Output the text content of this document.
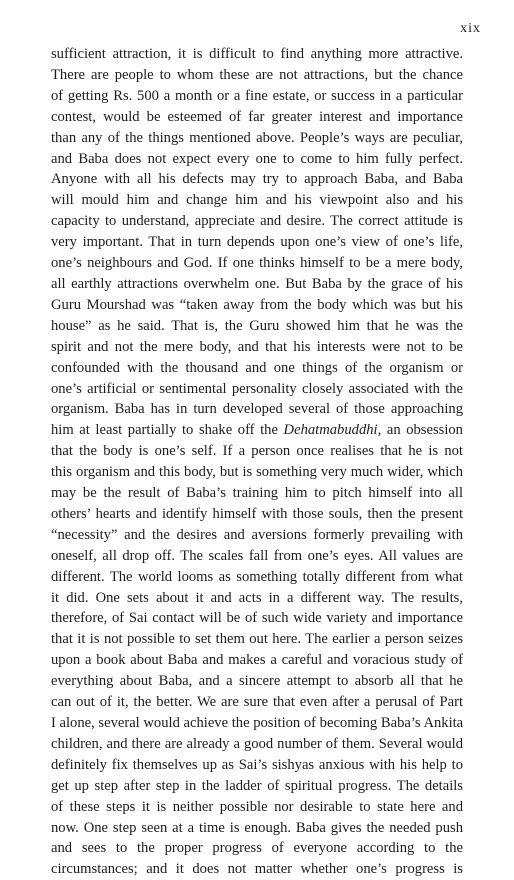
xix
sufficient attraction, it is difficult to find anything more attractive.
There are people to whom these are not attractions, but the chance
of getting Rs. 500 a month or a fine estate, or success in a particular
contest, would be esteemed of far greater interest and importance
than any of the things mentioned above. People’s ways are peculiar,
and Baba does not expect every one to come to him fully perfect.
Anyone with all his defects may try to approach Baba, and Baba
will mould him and change him and his viewpoint also and his
capacity to understand, appreciate and desire. The correct attitude is
very important. That in turn depends upon one’s view of one’s life,
one’s neighbours and God. If one thinks himself to be a mere body,
all earthly attractions overwhelm one. But Baba by the grace of his
Guru Mourshad was “taken away from the body which was but his
house” as he said. That is, the Guru showed him that he was the
spirit and not the mere body, and that his interests were not to be
confounded with the thousand and one things of the organism or
one’s artificial or sentimental personality closely associated with the
organism. Baba has in turn developed several of those approaching
him at least partially to shake off the Dehatmabuddhi, an obsession
that the body is one’s self. If a person once realises that he is not
this organism and this body, but is something very much wider, which
may be the result of Baba’s training him to pitch himself into all
others’ hearts and identify himself with those souls, then the present
“necessity” and the desires and aversions formerly prevailing with
oneself, all drop off. The scales fall from one’s eyes. All values are
different. The world looms as something totally different from what
it did. One sets about it and acts in a different way. The results,
therefore, of Sai contact will be of such wide variety and importance
that it is not possible to set them out here. The earlier a person seizes
upon a book about Baba and makes a careful and voracious study of
everything about Baba, and a sincere attempt to absorb all that he
can out of it, the better. We are sure that even after a perusal of Part
I alone, several would achieve the position of becoming Baba’s Ankita
children, and there are already a good number of them. Several would
definitely fix themselves up as Sai’s sishyas anxious with his help to
get up step after step in the ladder of spiritual progress. The details
of these steps it is neither possible nor desirable to state here and
now. One step seen at a time is enough. Baba gives the needed push
and sees to the proper progress of everyone according to the
circumstances; and it does not matter whether one’s progress is
